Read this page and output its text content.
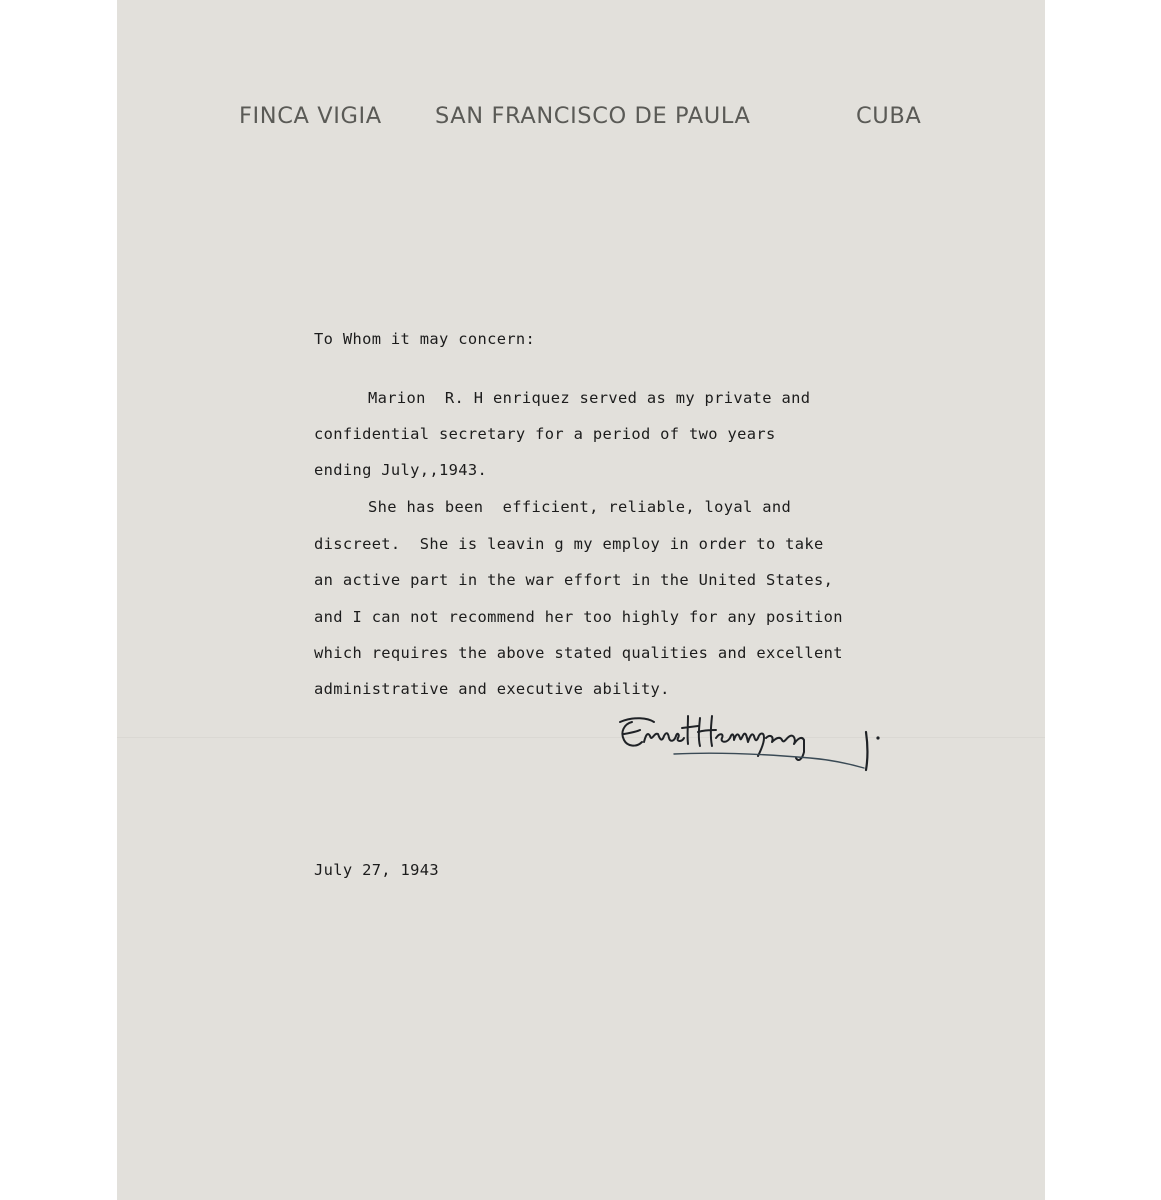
FINCA VIGIA SAN FRANCISCO DE PAULA	CUBA

To Whom it may concern:

Marion  R. H enriquez served as my private and

confidential secretary for a period of two years

ending July,,1943.

She has been  efficient, reliable, loyal and

discreet.  She is leavin g my employ in order to take

an active part in the war effort in the United States,

and I can not recommend her too highly for any position

which requires the above stated qualities and excellent

administrative and executive ability.

July 27, 1943
